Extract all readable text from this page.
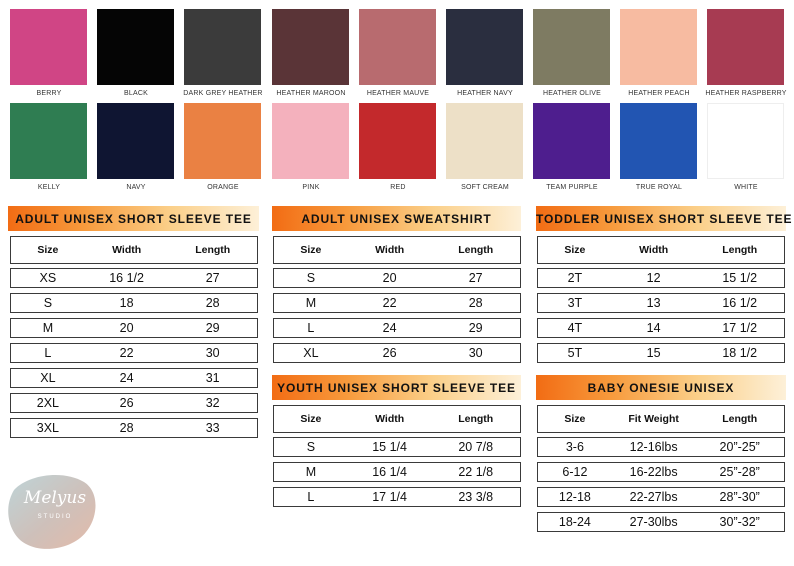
BERRY	BLACK	DARK GREY HEATHER	HEATHER MAROON	HEATHER MAUVE	HEATHER NAVY	HEATHER OLIVE	HEATHER PEACH	HEATHER RASPBERRY
KELLY	NAVY	ORANGE	PINK	RED	SOFT CREAM	TEAM PURPLE	TRUE ROYAL	WHITE
ADULT UNISEX SHORT SLEEVE TEE	ADULT UNISEX SWEATSHIRT	TODDLER UNISEX SHORT SLEEVE TEE
YOUTH UNISEX SHORT SLEEVE TEE	BABY ONESIE UNISEX
Size	Width	Length
XS	16 1/2	27
S	18	28
M	20	29
L	22	30
XL	24	31
2XL	26	32
3XL	28	33
Size	Width	Length
S	20	27
M	22	28
L	24	29
XL	26	30
Size	Width	Length
2T	12	15 1/2
3T	13	16 1/2
4T	14	17 1/2
5T	15	18 1/2
Size	Width	Length
S	15 1/4	20 7/8
M	16 1/4	22 1/8
L	17 1/4	23 3/8
Size	Fit Weight	Length
3-6	12-16lbs	20”-25”
6-12	16-22lbs	25”-28”
12-18	22-27lbs	28”-30”
18-24	27-30lbs	30”-32”
Melyus
STUDIO
